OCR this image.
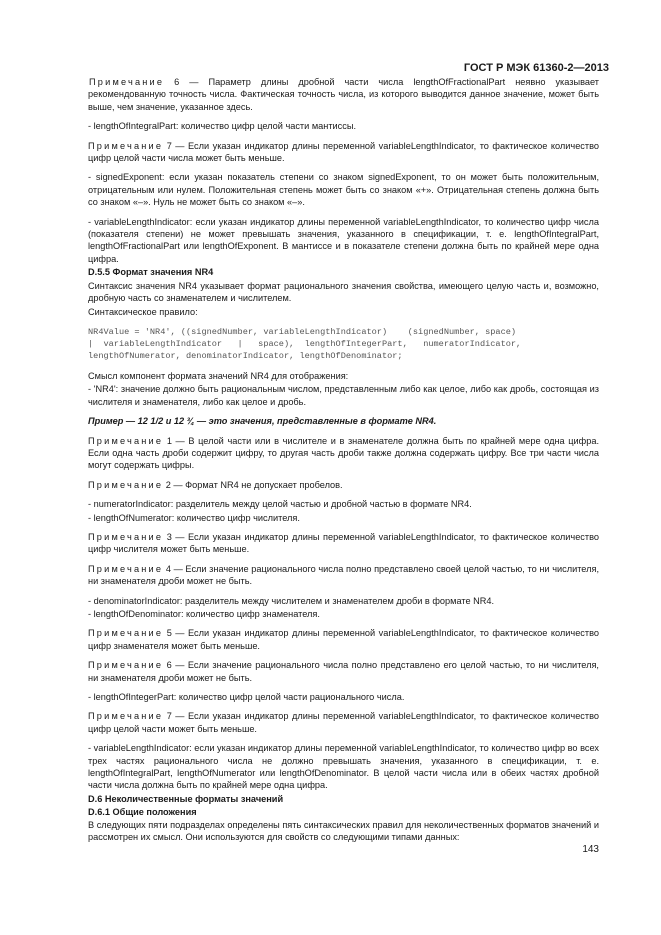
ГОСТ Р МЭК 61360-2—2013

Примечание 6 — Параметр длины дробной части числа lengthOfFractionalPart неявно указывает рекомендованную точность числа. Фактическая точность числа, из которого выводится данное значение, может быть выше, чем значение, указанное здесь.

- lengthOfIntegralPart: количество цифр целой части мантиссы.

Примечание 7 — Если указан индикатор длины переменной variableLengthIndicator, то фактическое количество цифр целой части числа может быть меньше.

- signedExponent: если указан показатель степени со знаком signedExponent, то он может быть положительным, отрицательным или нулем. Положительная степень может быть со знаком «+». Отрицательная степень должна быть со знаком «–». Нуль не может быть со знаком «–».

- variableLengthIndicator: если указан индикатор длины переменной variableLengthIndicator, то количество цифр числа (показателя степени) не может превышать значения, указанного в спецификации, т. е. lengthOfIntegralPart, lengthOfFractionalPart или lengthOfExponent. В мантиссе и в показателе степени должна быть по крайней мере одна цифра.

D.5.5 Формат значения NR4

Синтаксис значения NR4 указывает формат рационального значения свойства, имеющего целую часть и, возможно, дробную часть со знаменателем и числителем.

Синтаксическое правило:

NR4Value = 'NR4', ((signedNumber, variableLengthIndicator)    (signedNumber, space)
|  variableLengthIndicator   |   space),  lengthOfIntegerPart,   numeratorIndicator,
lengthOfNumerator, denominatorIndicator, lengthOfDenominator;

Смысл компонент формата значений NR4 для отображения:

- 'NR4': значение должно быть рациональным числом, представленным либо как целое, либо как дробь, состоящая из числителя и знаменателя, либо как целое и дробь.

Пример — 12 1/2 и 12 ¾ — это значения, представленные в формате NR4.

Примечание 1 — В целой части или в числителе и в знаменателе должна быть по крайней мере одна цифра. Если одна часть дроби содержит цифру, то другая часть дроби также должна содержать цифру. Все три части числа могут содержать цифры.

Примечание 2 — Формат NR4 не допускает пробелов.

- numeratorIndicator: разделитель между целой частью и дробной частью в формате NR4.

- lengthOfNumerator: количество цифр числителя.

Примечание 3 — Если указан индикатор длины переменной variableLengthIndicator, то фактическое количество цифр числителя может быть меньше.

Примечание 4 — Если значение рационального числа полно представлено своей целой частью, то ни числителя, ни знаменателя дроби может не быть.

- denominatorIndicator: разделитель между числителем и знаменателем дроби в формате NR4.

- lengthOfDenominator: количество цифр знаменателя.

Примечание 5 — Если указан индикатор длины переменной variableLengthIndicator, то фактическое количество цифр знаменателя может быть меньше.

Примечание 6 — Если значение рационального числа полно представлено его целой частью, то ни числителя, ни знаменателя дроби может не быть.

- lengthOfIntegerPart: количество цифр целой части рационального числа.

Примечание 7 — Если указан индикатор длины переменной variableLengthIndicator, то фактическое количество цифр целой части может быть меньше.

- variableLengthIndicator: если указан индикатор длины переменной variableLengthIndicator, то количество цифр во всех трех частях рационального числа не должно превышать значения, указанного в спецификации, т. е. lengthOfIntegralPart, lengthOfNumerator или lengthOfDenominator. В целой части числа или в обеих частях дробной части числа должна быть по крайней мере одна цифра.

D.6 Неколичественные форматы значений

D.6.1 Общие положения

В следующих пяти подразделах определены пять синтаксических правил для неколичественных форматов значений и рассмотрен их смысл. Они используются для свойств со следующими типами данных:

143
